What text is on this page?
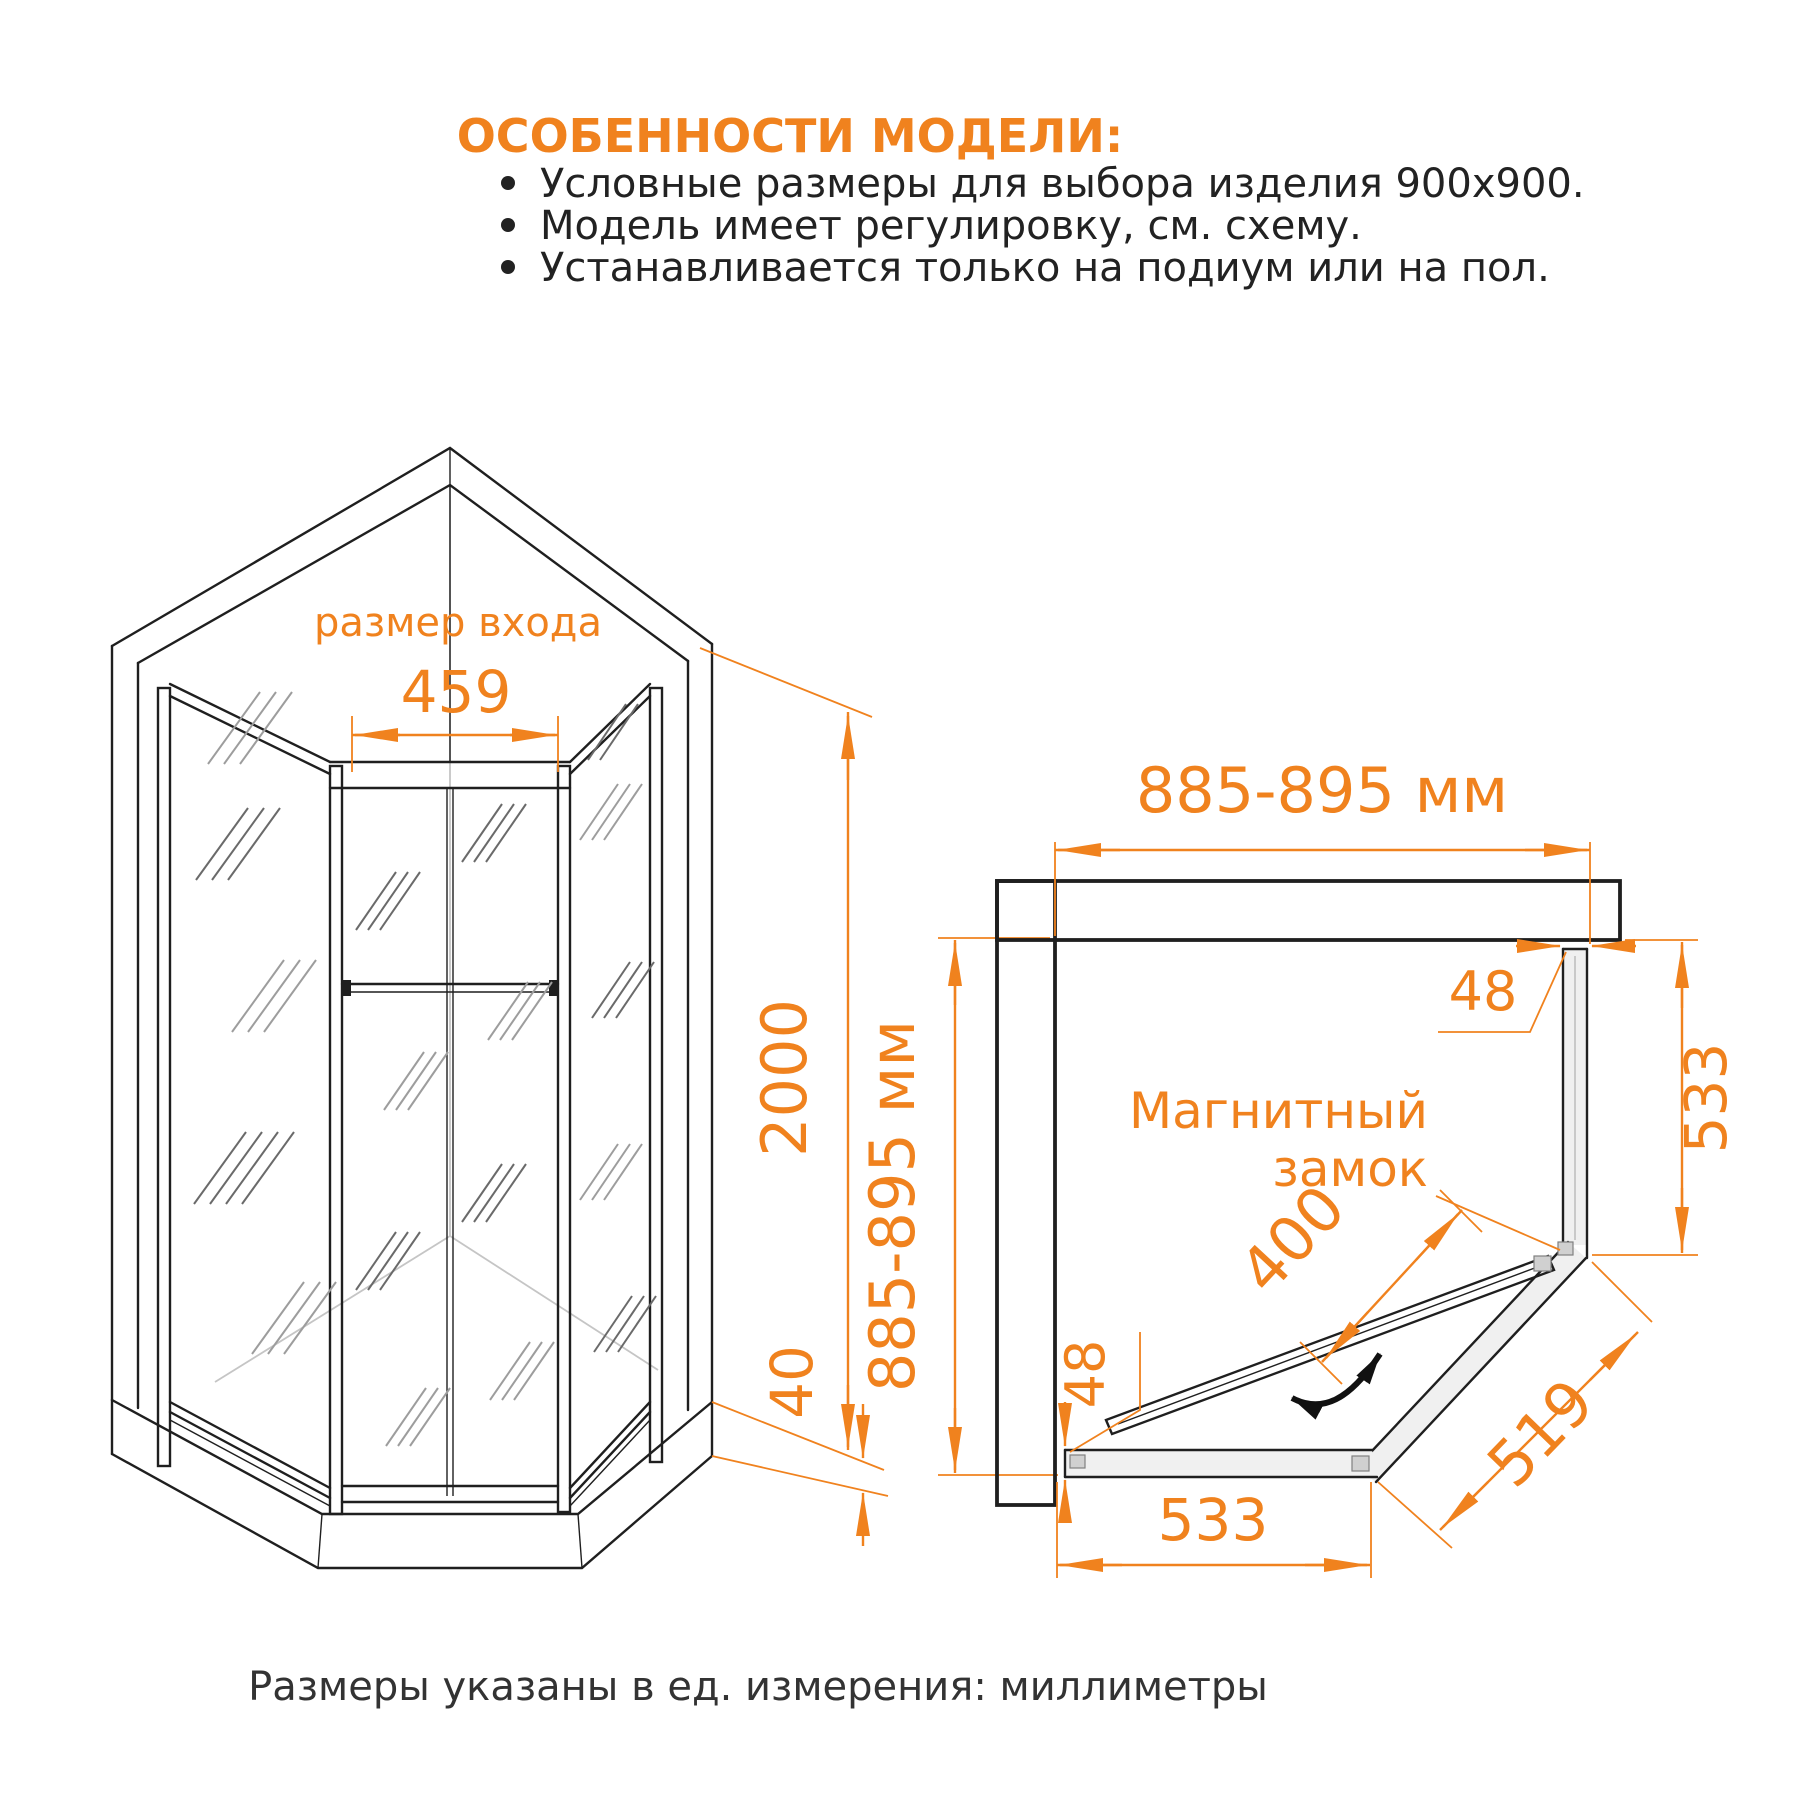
ОСОБЕННОСТИ МОДЕЛИ:
Условные размеры для выбора изделия 900x900.
Модель имеет регулировку, см. схему.
Устанавливается только на подиум или на пол.
размер входа
459
2000
40 885-895 мм
885-895 мм
48
533
Магнитный
замок
400
519
533
48
Размеры указаны в ед. измерения: миллиметры
